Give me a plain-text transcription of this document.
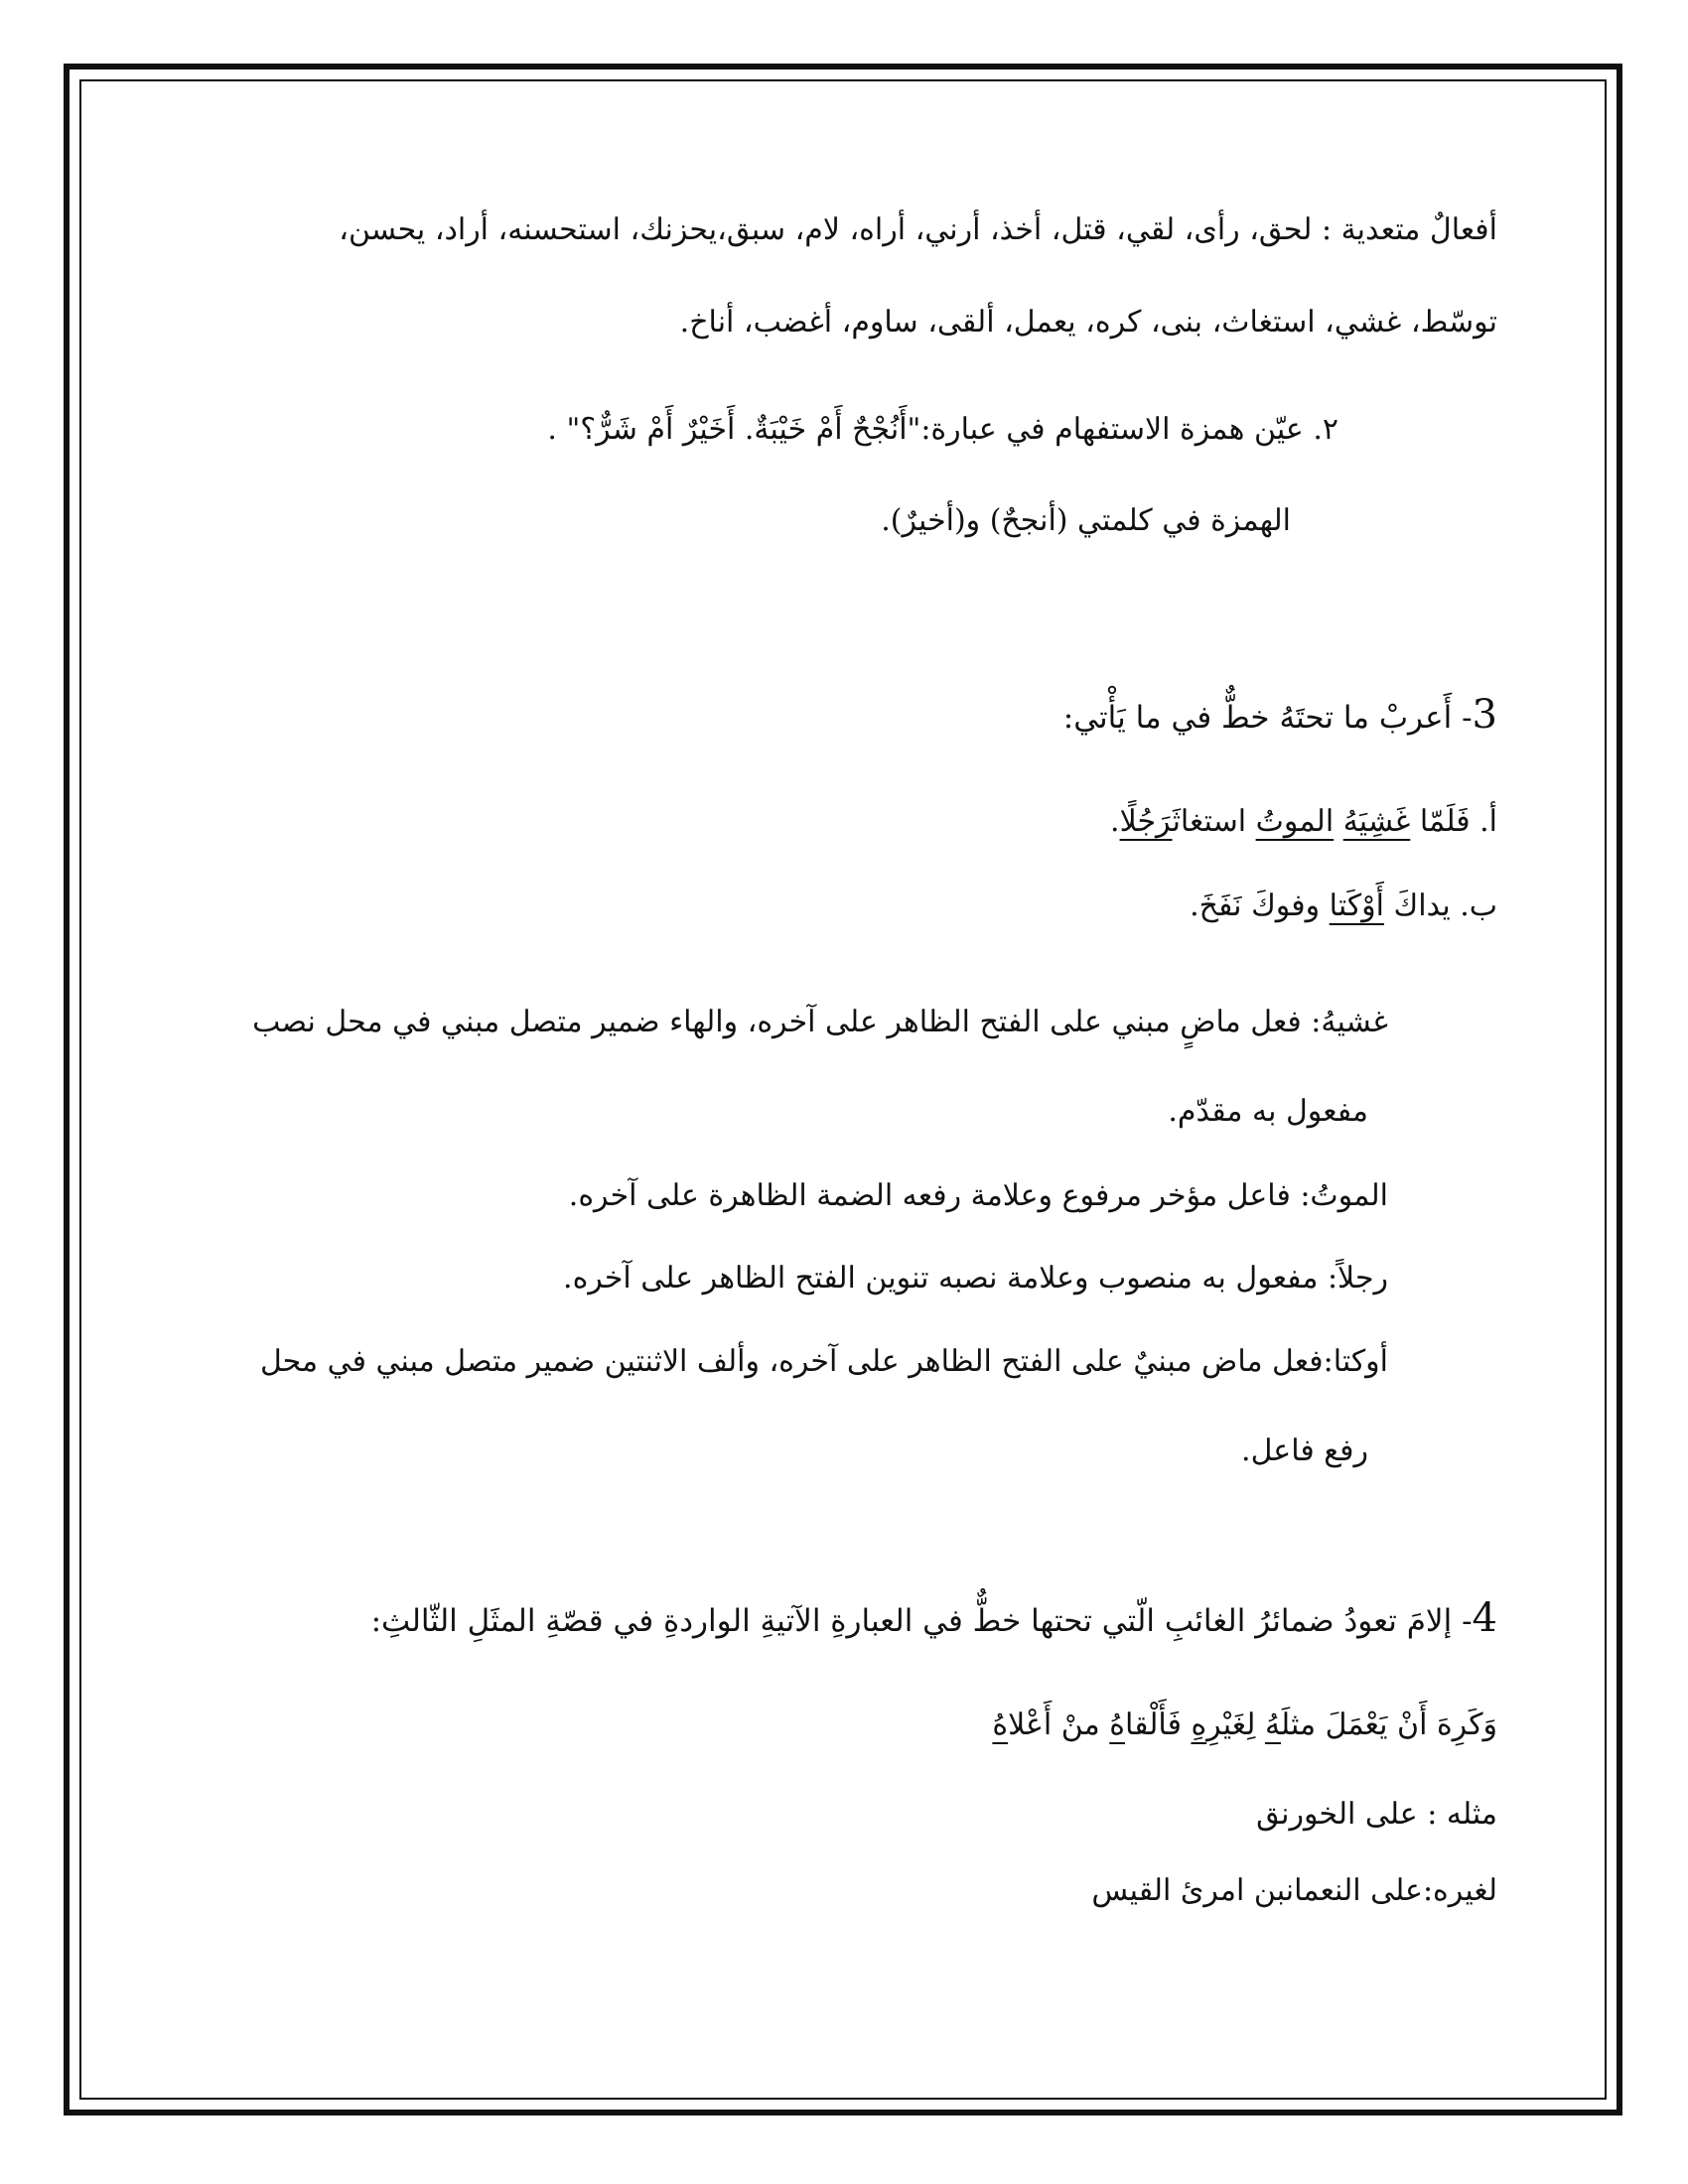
أفعالٌ متعدية : لحق، رأى، لقي، قتل، أخذ، أرني، أراه، لام، سبق،يحزنك، استحسنه، أراد، يحسن،
توسّط، غشي، استغاث، بنى، كره، يعمل، ألقى، ساوم، أغضب، أناخ.
٢. عيّن همزة الاستفهام في عبارة:"أَنُجْحٌ أَمْ خَيْبَةٌ. أَخَيْرٌ أَمْ شَرٌّ؟" .
الهمزة في كلمتي (أنجحٌ) و(أخيرٌ).
3- أَعربْ ما تحتَهُ خطٌّ في ما يَأْتي:
أ. فَلَمّا غَشِيَهُ الموتُ استغاثَرَجُلًا.
ب. يداكَ أَوْكَتا وفوكَ نَفَخَ.
غشيهُ: فعل ماضٍ مبني على الفتح الظاهر على آخره، والهاء ضمير متصل مبني في محل نصب
مفعول به مقدّم.
الموتُ: فاعل مؤخر مرفوع وعلامة رفعه الضمة الظاهرة على آخره.
رجلاً: مفعول به منصوب وعلامة نصبه تنوين الفتح الظاهر على آخره.
أوكتا:فعل ماض مبنيٌ على الفتح الظاهر على آخره، وألف الاثنتين ضمير متصل مبني في محل
رفع فاعل.
4- إلامَ تعودُ ضمائرُ الغائبِ الّتي تحتها خطٌّ في العبارةِ الآتيةِ الواردةِ في قصّةِ المثَلِ الثّالثِ:
وَكَرِهَ أَنْ يَعْمَلَ مثلَهُ لِغَيْرِهِ فَأَلْقاهُ منْ أَعْلاهُ
مثله : على الخورنق
لغيره:على النعمانبن امرئ القيس
